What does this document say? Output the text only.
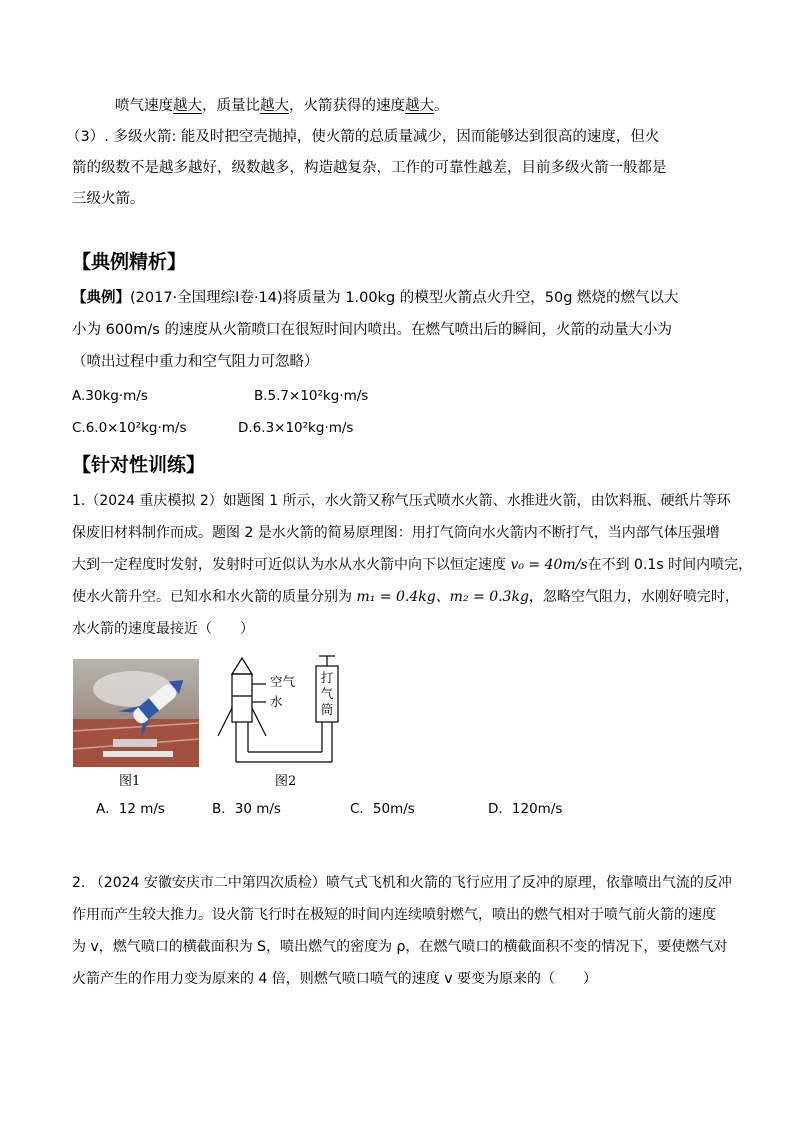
喷气速度越大，质量比越大，火箭获得的速度越大。
（3）. 多级火箭: 能及时把空壳抛掉，使火箭的总质量减少，因而能够达到很高的速度，但火
箭的级数不是越多越好，级数越多，构造越复杂，工作的可靠性越差，目前多级火箭一般都是
三级火箭。
【典例精析】
【典例】(2017·全国理综Ⅰ卷·14)将质量为 1.00kg 的模型火箭点火升空，50g 燃烧的燃气以大
小为 600m/s 的速度从火箭喷口在很短时间内喷出。在燃气喷出后的瞬间，火箭的动量大小为
（喷出过程中重力和空气阻力可忽略）
A.30kg·m/s	B.5.7×10²kg·m/s
C.6.0×10²kg·m/s	D.6.3×10²kg·m/s
【针对性训练】
1.（2024 重庆模拟 2）如题图 1 所示，水火箭又称气压式喷水火箭、水推进火箭，由饮料瓶、硬纸片等环
保废旧材料制作而成。题图 2 是水火箭的简易原理图：用打气筒向水火箭内不断打气，当内部气体压强增
大到一定程度时发射，发射时可近似认为水从水火箭中向下以恒定速度 v₀ = 40m/s在不到 0.1s 时间内喷完，
使水火箭升空。已知水和水火箭的质量分别为 m₁ = 0.4kg、m₂ = 0.3kg，忽略空气阻力，水刚好喷完时，
水火箭的速度最接近（　　）
图1
空气
水
打气筒
图2
A．12 m/s	B．30 m/s	C．50m/s	D．120m/s
2. （2024 安徽安庆市二中第四次质检）喷气式飞机和火箭的飞行应用了反冲的原理，依靠喷出气流的反冲
作用而产生较大推力。设火箭飞行时在极短的时间内连续喷射燃气，喷出的燃气相对于喷气前火箭的速度
为 v，燃气喷口的横截面积为 S，喷出燃气的密度为 ρ，在燃气喷口的横截面积不变的情况下，要使燃气对
火箭产生的作用力变为原来的 4 倍，则燃气喷口喷气的速度 v 要变为原来的（　　）
